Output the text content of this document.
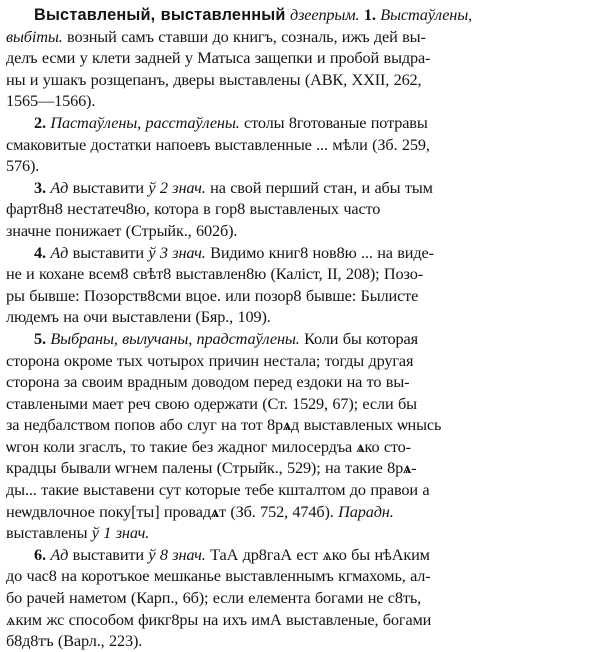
Выставленый, выставленный дзеепрым. 1. Выстаўлены,
выбіты. возный самъ ставши до книгъ, созналь, ижъ дей вы-
делъ есми у клети задней у Матыса защепки и пробой выдра-
ны и ушакъ розщепанъ, дверы выставлены (АВК, XXII, 262,
1565—1566).
2. Пастаўлены, расстаўлены. столы 8готованые потравы
смаковитые достатки напоевъ выставленные ... мѣли (Зб. 259,
576).
3. Ад выставити ў 2 знач. на свой перший стан, и абы тым
фарт8н8 нестатеч8ю, котора в гор8 выставленых часто
значне понижает (Стрыйк., 602б).
4. Ад выставити ў 3 знач. Видимо книг8 нов8ю ... на виде-
не и кохане всем8 свѣт8 выставлен8ю (Каліст, II, 208); Позо-
ры бывше: Позорств8сми вцое. или позор8 бывше: Былисте
людемъ на очи выставлени (Бяр., 109).
5. Выбраны, вылучаны, прадстаўлены. Коли бы которая
сторона окроме тых чотырох причин нестала; тогды другая
сторона за своим врадным доводом перед ездоки на то вы-
ставлеными мает реч свою одержати (Ст. 1529, 67); если бы
за недбалством попов або слуг на тот 8рѧд выставленых ѡнысь
ѡгон коли згаслъ, то такие без жадног милосердъа ѧко сто-
крадцы бывали ѡгнем палены (Стрыйк., 529); на такие 8рѧ-
ды... такие выставени сут которые тебе кшталтом до правои а
неѡдвлочное поку[ты] провадѧт (Зб. 752, 474б). Парадн.
выставлены ў 1 знач.
6. Ад выставити ў 8 знач. ТаА др8гаА ест ѧко бы нѣАким
до час8 на коротъкое мешканье выставленнымъ кгмахомь, ал-
бо рачей наметом (Карп., 6б); если елемента богами не с8ть,
ѧким жс способом фикг8ры на ихъ имА выставленые, богами
б8д8тъ (Варл., 223).
